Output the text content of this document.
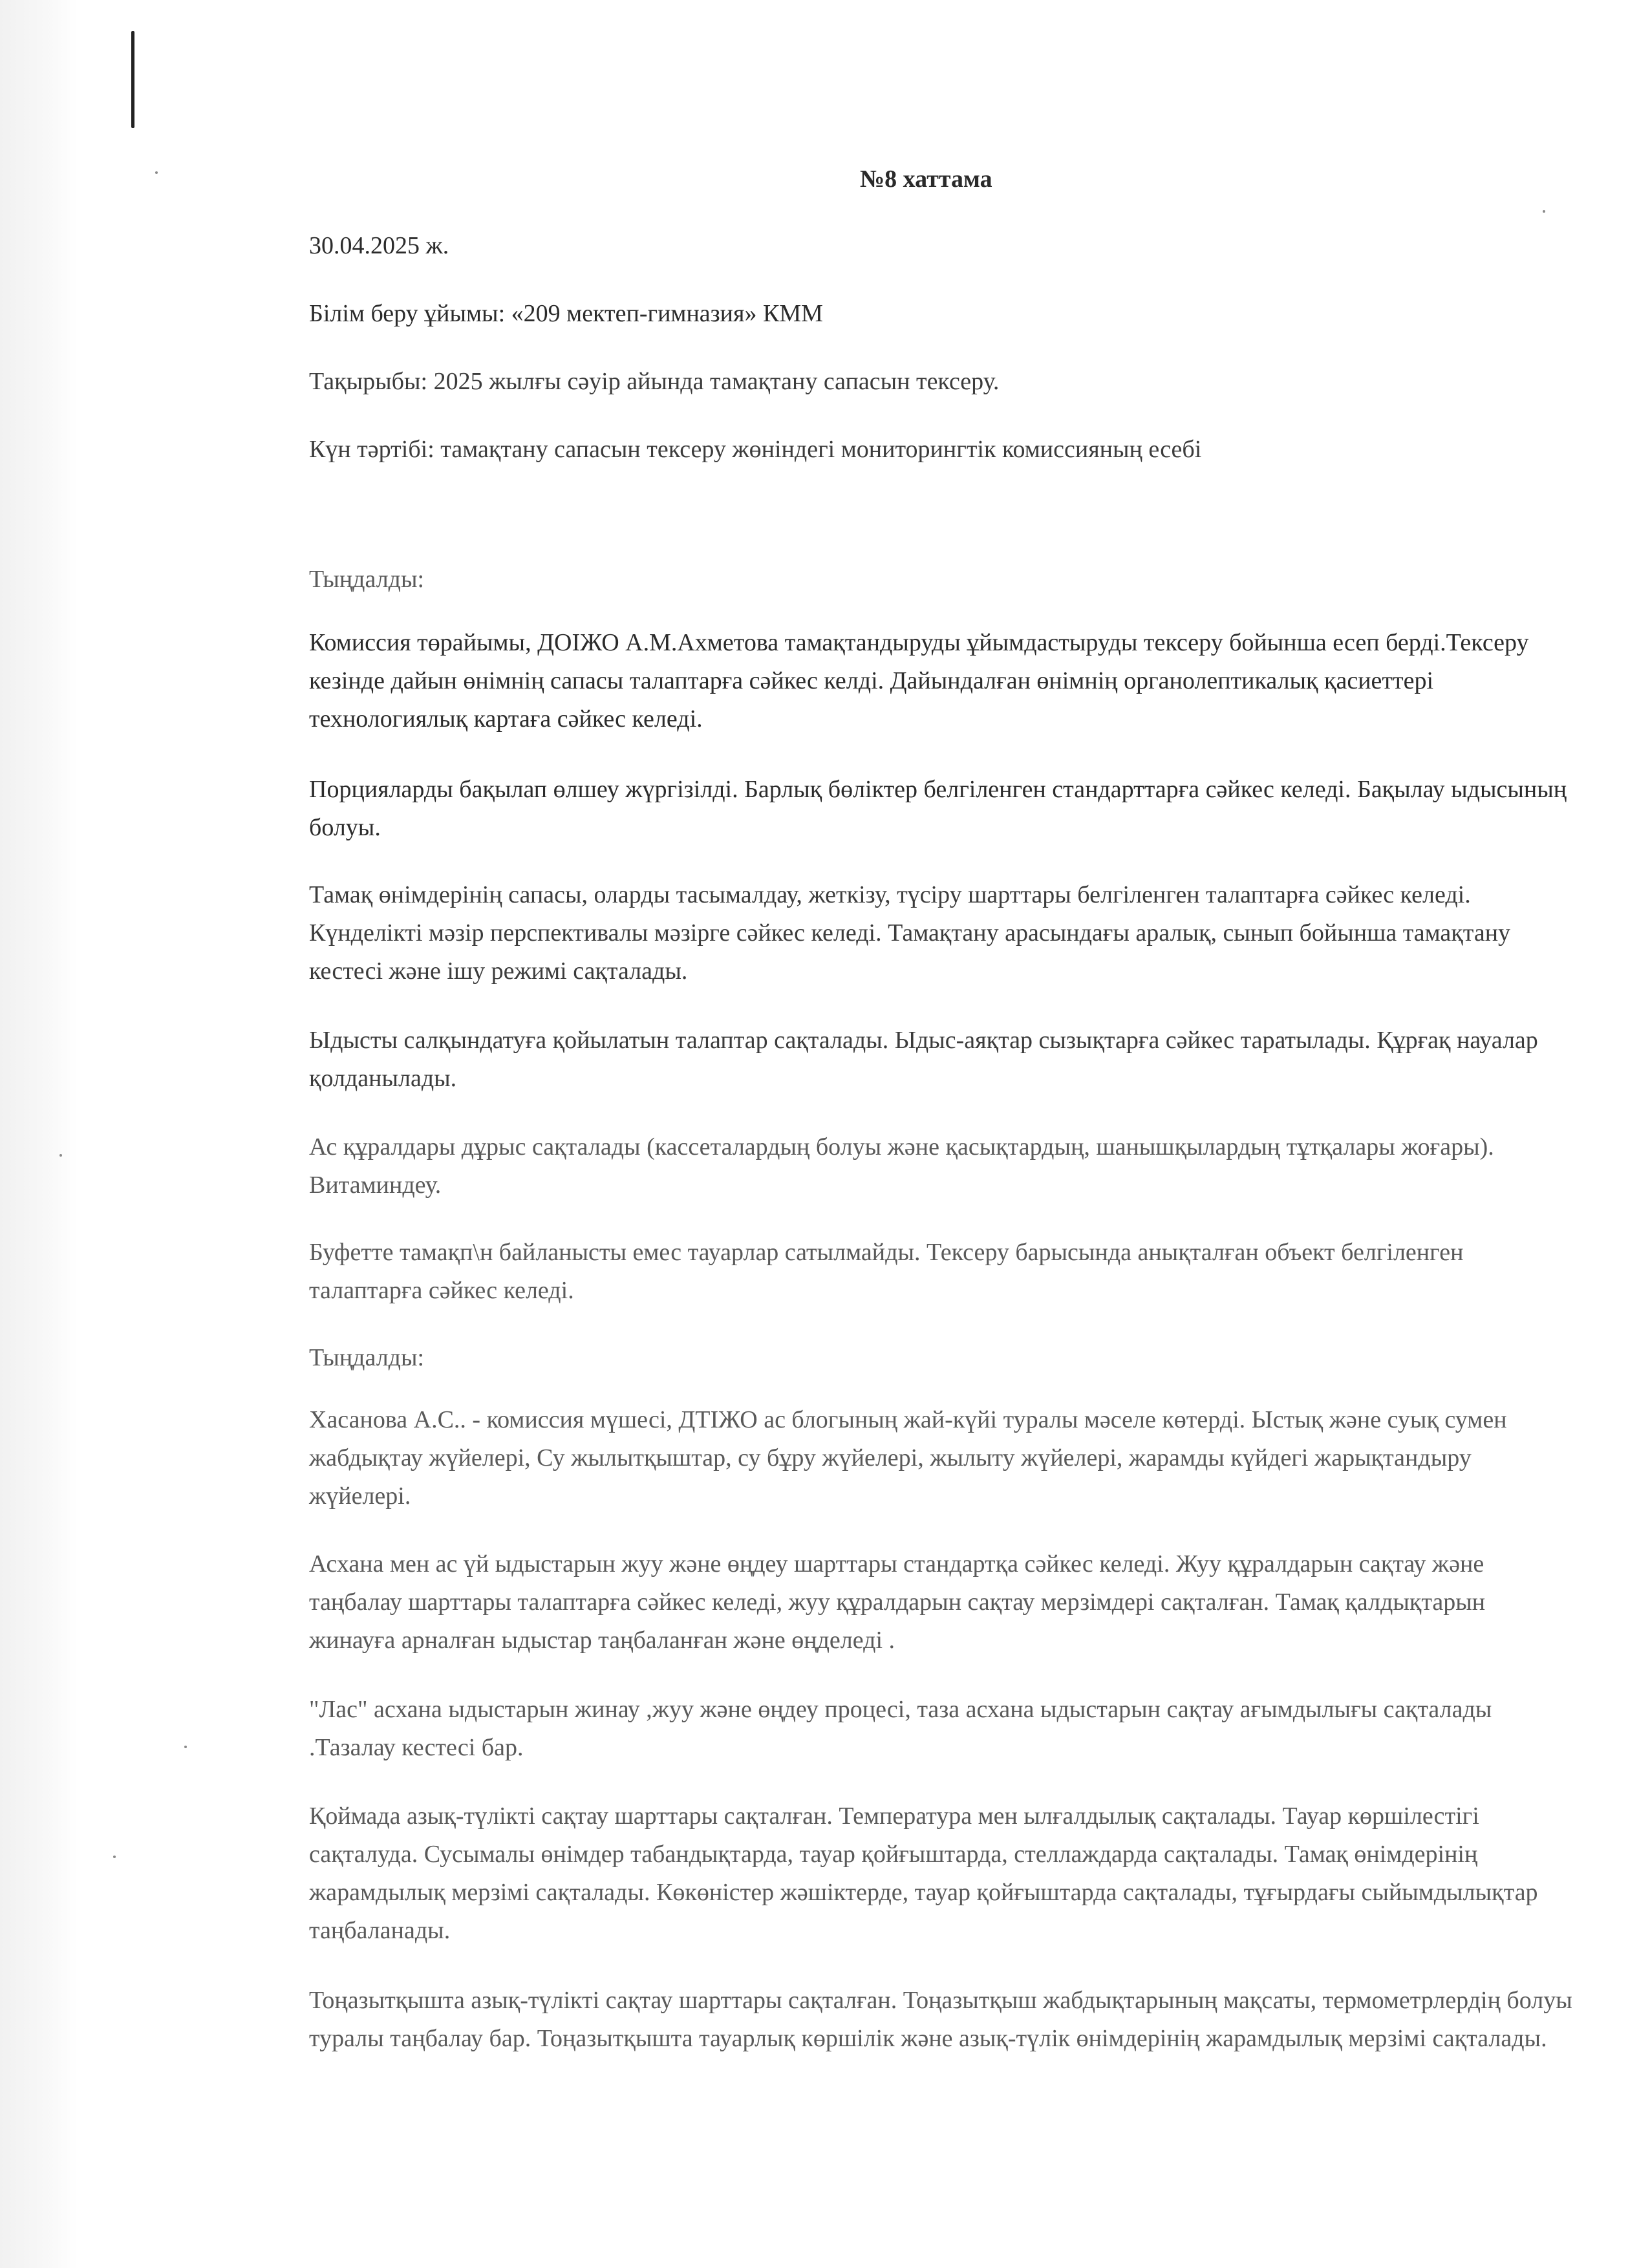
№8 хаттама

30.04.2025 ж.

Білім беру ұйымы: «209 мектеп-гимназия» КММ

Тақырыбы: 2025 жылғы сәуір айында тамақтану сапасын тексеру.

Күн тәртібі: тамақтану сапасын тексеру жөніндегі мониторингтік комиссияның есебі

Тыңдалды:

Комиссия төрайымы, ДОІЖО А.М.Ахметова тамақтандыруды ұйымдастыруды тексеру бойынша есеп берді.Тексеру кезінде дайын өнімнің сапасы талаптарға сәйкес келді. Дайындалған өнімнің органолептикалық қасиеттері технологиялық картаға сәйкес келеді.

Порцияларды бақылап өлшеу жүргізілді. Барлық бөліктер белгіленген стандарттарға сәйкес келеді. Бақылау ыдысының болуы.

Тамақ өнімдерінің сапасы, оларды тасымалдау, жеткізу, түсіру шарттары белгіленген талаптарға сәйкес келеді. Күнделікті мәзір перспективалы мәзірге сәйкес келеді. Тамақтану арасындағы аралық, сынып бойынша тамақтану кестесі және ішу режимі сақталады.

Ыдысты салқындатуға қойылатын талаптар сақталады. Ыдыс-аяқтар сызықтарға сәйкес таратылады. Құрғақ науалар қолданылады.

Ас құралдары дұрыс сақталады (кассеталардың болуы және қасықтардың, шанышқылардың тұтқалары жоғары). Витаминдеу.

Буфетте тамақп\н байланысты емес тауарлар сатылмайды. Тексеру барысында анықталған объект белгіленген талаптарға сәйкес келеді.

Тыңдалды:

Хасанова А.С.. - комиссия мүшесі, ДТІЖО ас блогының жай-күйі туралы мәселе көтерді. Ыстық және суық сумен жабдықтау жүйелері, Су жылытқыштар, су бұру жүйелері, жылыту жүйелері, жарамды күйдегі жарықтандыру жүйелері.

Асхана мен ас үй ыдыстарын жуу және өңдеу шарттары стандартқа сәйкес келеді. Жуу құралдарын сақтау және таңбалау шарттары талаптарға сәйкес келеді, жуу құралдарын сақтау мерзімдері сақталған. Тамақ қалдықтарын жинауға арналған ыдыстар таңбаланған және өңделеді .

"Лаc" асхана ыдыстарын жинау ,жуу және өңдеу процесі, таза асхана ыдыстарын сақтау ағымдылығы сақталады .Тазалау кестесі бар.

Қоймада азық-түлікті сақтау шарттары сақталған. Температура мен ылғалдылық сақталады. Тауар көршілестігі сақталуда. Сусымалы өнімдер табандықтарда, тауар қойғыштарда, стеллаждарда сақталады. Тамақ өнімдерінің жарамдылық мерзімі сақталады. Көкөністер жәшіктерде, тауар қойғыштарда сақталады, тұғырдағы сыйымдылықтар таңбаланады.

Тоңазытқышта азық-түлікті сақтау шарттары сақталған. Тоңазытқыш жабдықтарының мақсаты, термометрлердің болуы туралы таңбалау бар. Тоңазытқышта тауарлық көршілік және азық-түлік өнімдерінің жарамдылық мерзімі сақталады.
